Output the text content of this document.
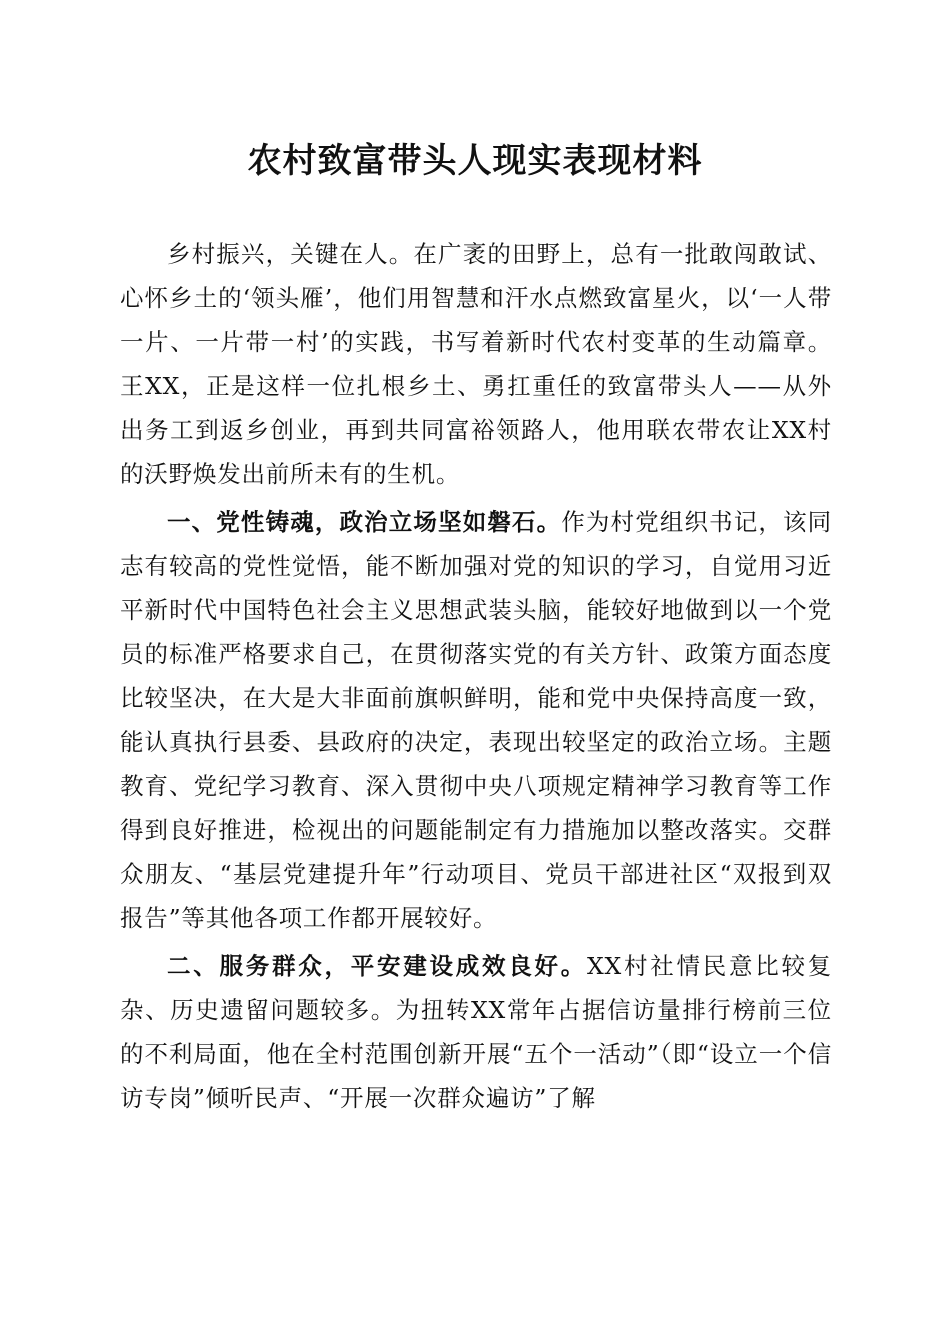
农村致富带头人现实表现材料

乡村振兴，关键在人。在广袤的田野上，总有一批敢闯敢试、心怀乡土的‘领头雁’，他们用智慧和汗水点燃致富星火，以‘一人带一片、一片带一村’的实践，书写着新时代农村变革的生动篇章。王XX，正是这样一位扎根乡土、勇扛重任的致富带头人——从外出务工到返乡创业，再到共同富裕领路人，他用联农带农让XX村的沃野焕发出前所未有的生机。

一、党性铸魂，政治立场坚如磐石。作为村党组织书记，该同志有较高的党性觉悟，能不断加强对党的知识的学习，自觉用习近平新时代中国特色社会主义思想武装头脑，能较好地做到以一个党员的标准严格要求自己，在贯彻落实党的有关方针、政策方面态度比较坚决，在大是大非面前旗帜鲜明，能和党中央保持高度一致，能认真执行县委、县政府的决定，表现出较坚定的政治立场。主题教育、党纪学习教育、深入贯彻中央八项规定精神学习教育等工作得到良好推进，检视出的问题能制定有力措施加以整改落实。交群众朋友、“基层党建提升年”行动项目、党员干部进社区“双报到双报告”等其他各项工作都开展较好。

二、服务群众，平安建设成效良好。XX村社情民意比较复杂、历史遗留问题较多。为扭转XX常年占据信访量排行榜前三位的不利局面，他在全村范围创新开展“五个一活动”（即“设立一个信访专岗”倾听民声、“开展一次群众遍访”了解
